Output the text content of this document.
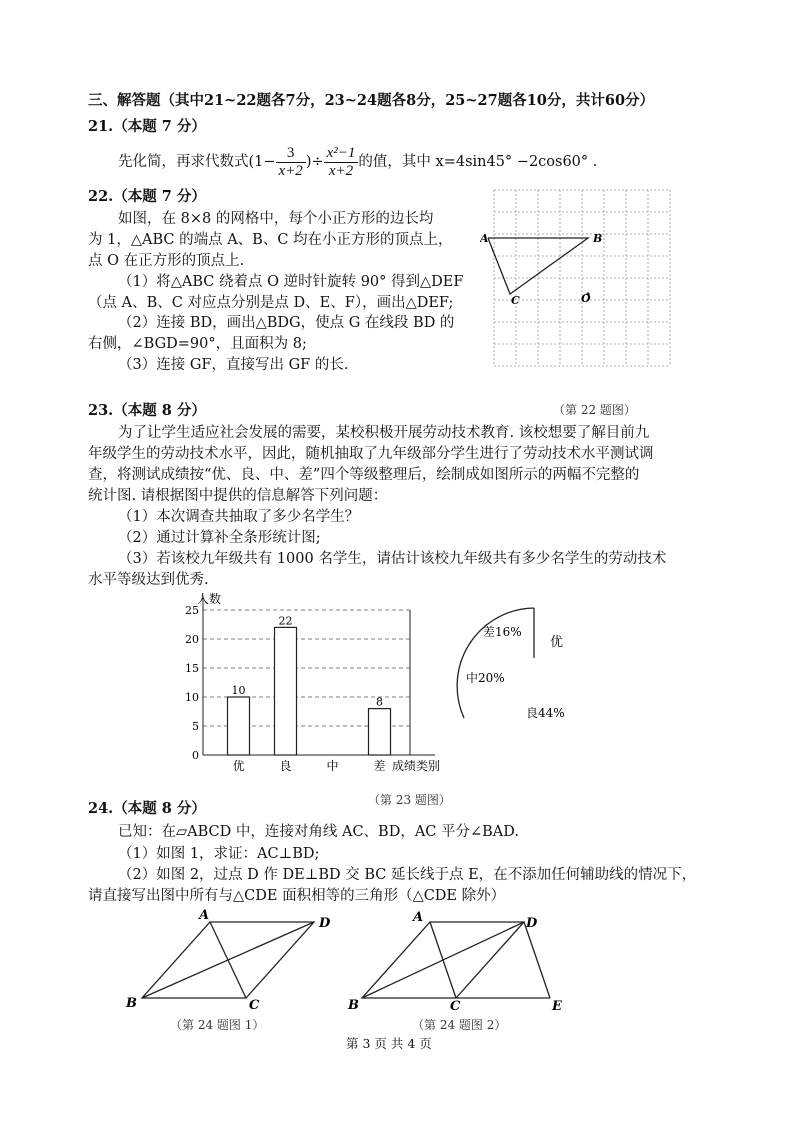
三、解答题（其中21~22题各7分，23~24题各8分，25~27题各10分，共计60分）
21.（本题 7 分）
先化简，再求代数式($1- \frac{3}{x+2}$ )÷ $\frac{\text{x²−1}}{x+2}$ 的值，其中 x=4sin45° −2cos60° .
22.（本题 7 分）
如图，在 8×8 的网格中，每个小正方形的边长均
为 1，△ABC 的端点 A、B、C 均在小正方形的顶点上，
点 O 在正方形的顶点上.
（1）将△ABC 绕着点 O 逆时针旋转 90° 得到△DEF
（点 A、B、C 对应点分别是点 D、E、F），画出△DEF;
（2）连接 BD，画出△BDG，使点 G 在线段 BD 的
右侧，∠BGD=90°，且面积为 8;
（3）连接 GF，直接写出 GF 的长.
A	B
C	O
（第 22 题图）
23.（本题 8 分）
为了让学生适应社会发展的需要，某校积极开展劳动技术教育. 该校想要了解目前九
年级学生的劳动技术水平，因此，随机抽取了九年级部分学生进行了劳动技术水平测试调
查，将测试成绩按“优、良、中、差”四个等级整理后，绘制成如图所示的两幅不完整的
统计图. 请根据图中提供的信息解答下列问题：
（1）本次调查共抽取了多少名学生？
（2）通过计算补全条形统计图;
（3）若该校九年级共有 1000 名学生，请估计该校九年级共有多少名学生的劳动技术
水平等级达到优秀.
0
5
10
15
20
25
10
22
8
优	良	中	差
人数
成绩类别
差16%
中20%
良44%
优
（第 23 题图）
24.（本题 8 分）
已知：在▱ABCD 中，连接对角线 AC、BD，AC 平分∠BAD.
（1）如图 1，求证：AC⊥BD;
（2）如图 2，过点 D 作 DE⊥BD 交 BC 延长线于点 E，在不添加任何辅助线的情况下，
请直接写出图中所有与△CDE 面积相等的三角形（△CDE 除外）
A
D
B	C
（第 24 题图 1）
A	D
B	C	E
（第 24 题图 2）
第 3 页 共 4 页
